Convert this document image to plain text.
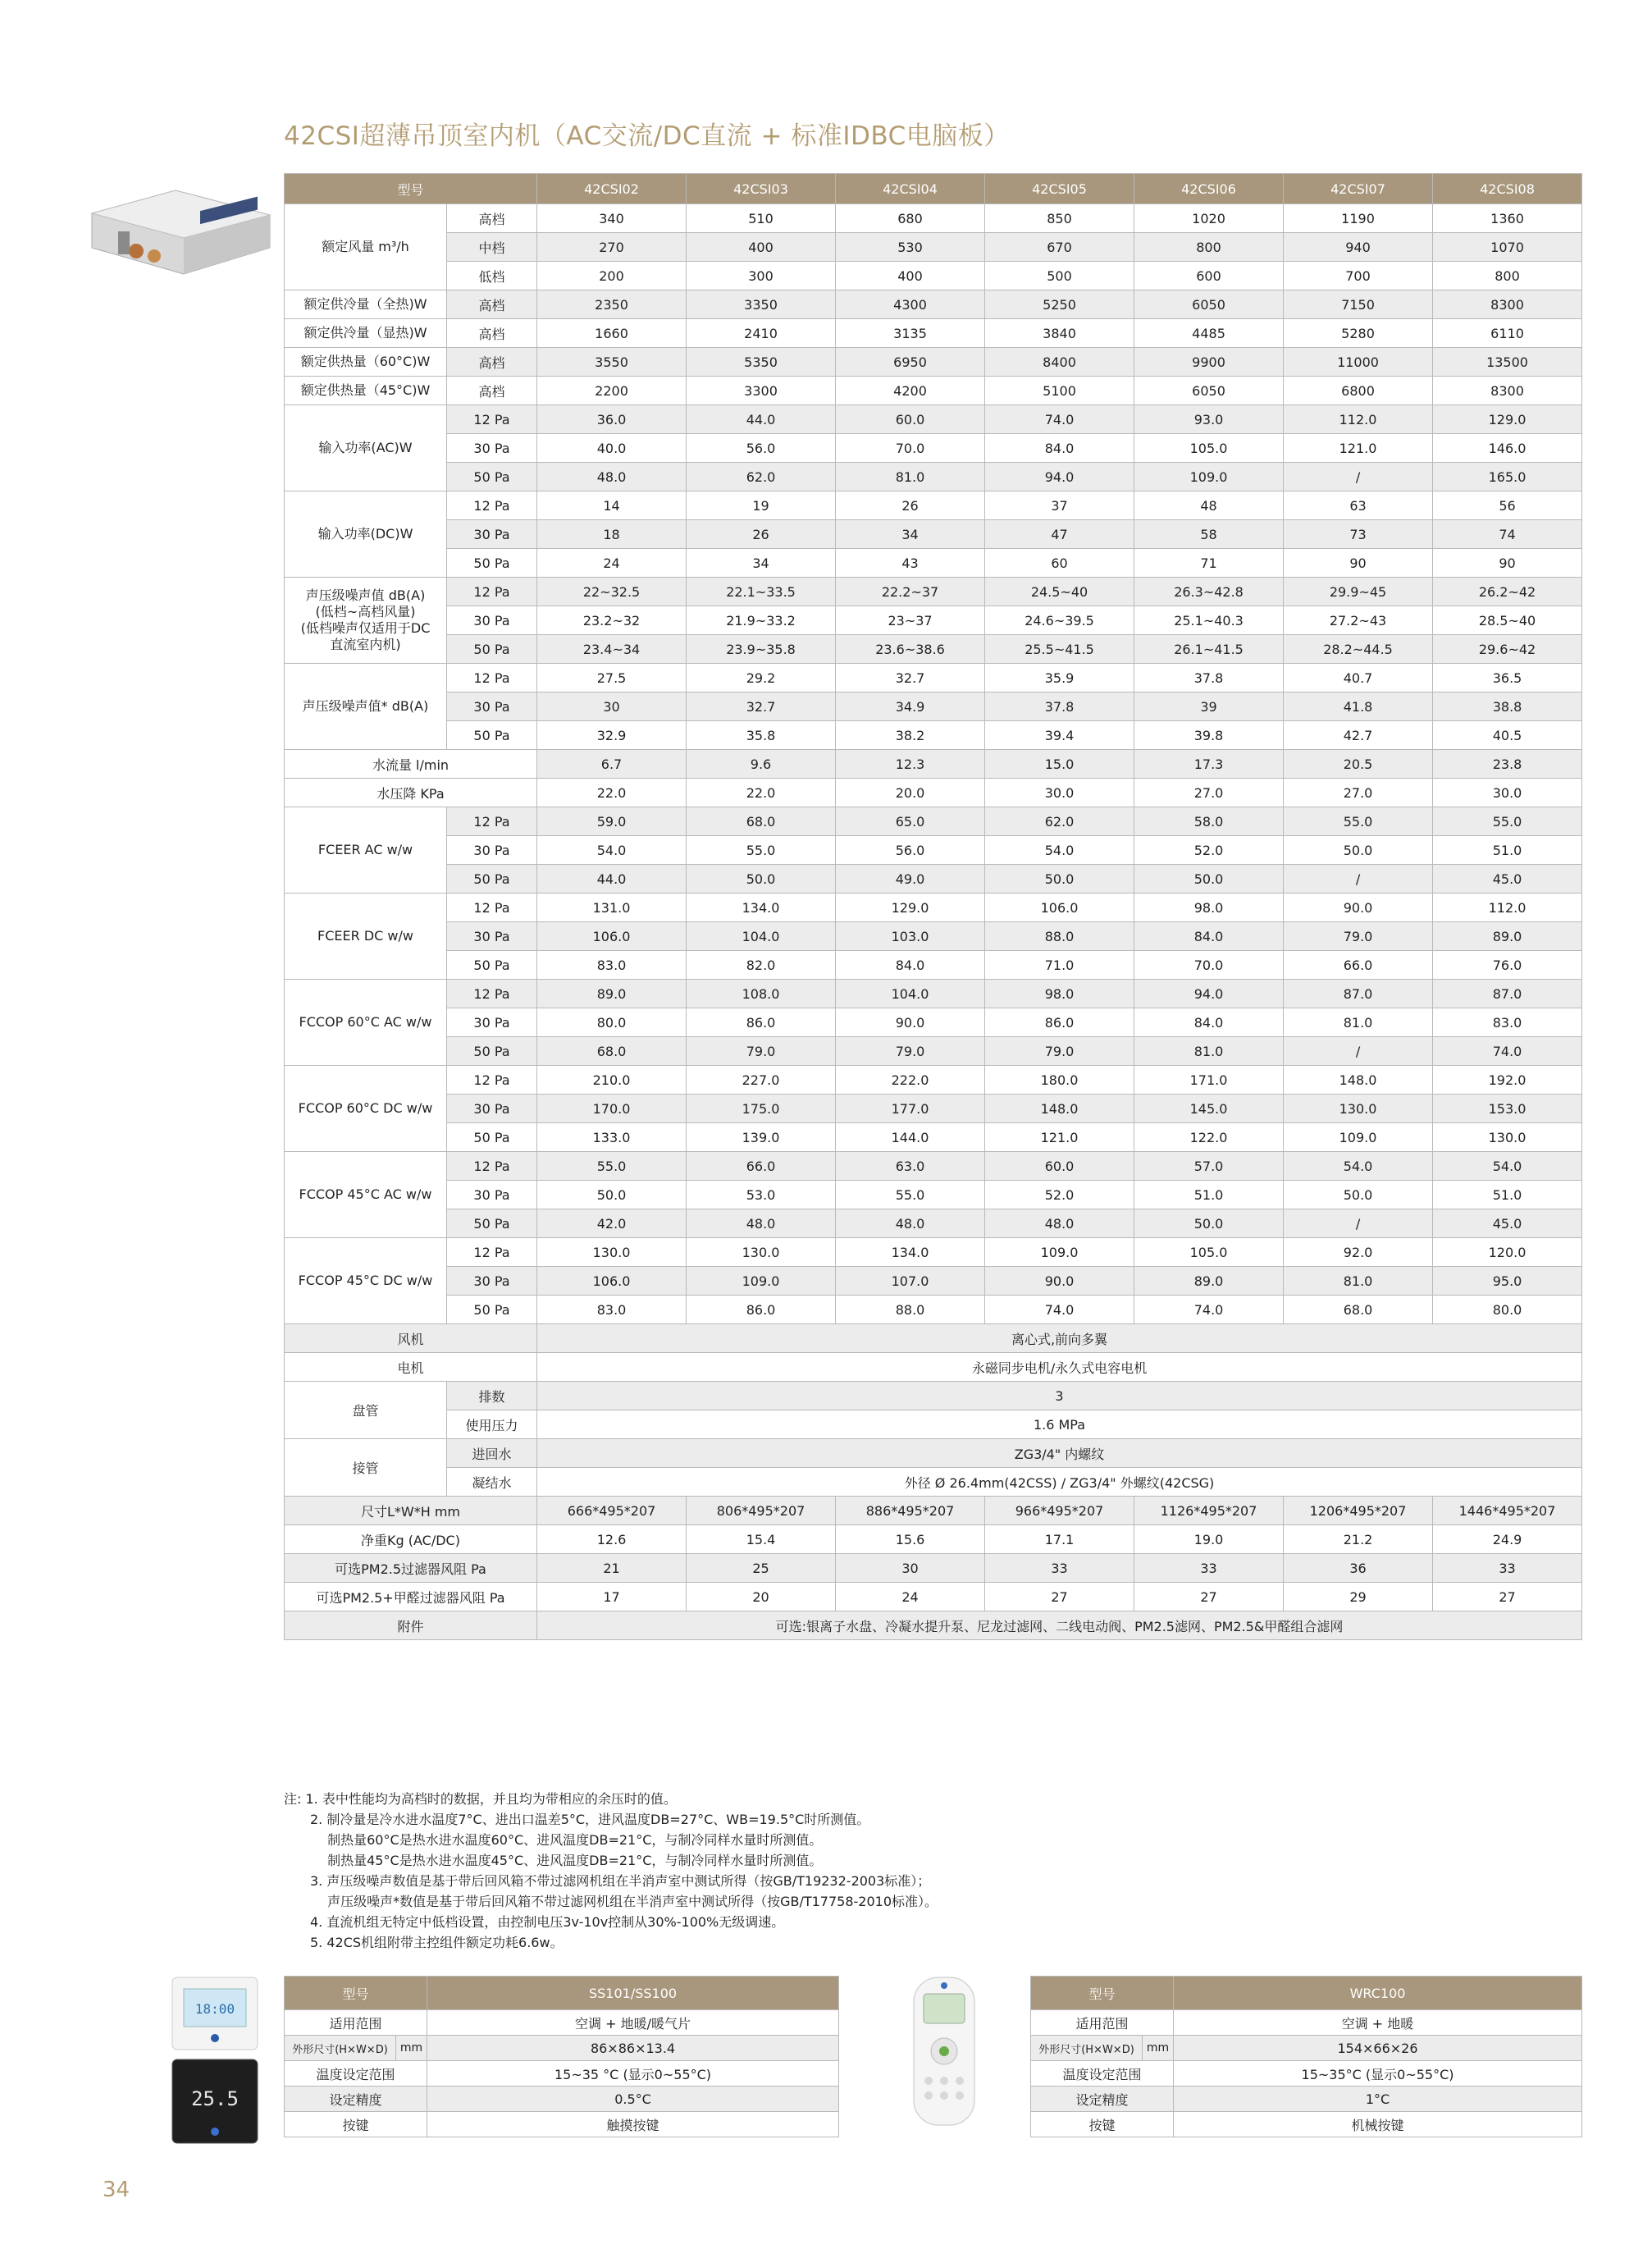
42CSI超薄吊顶室内机（AC交流/DC直流 + 标准IDBC电脑板）
型号		42CSI02	42CSI03	42CSI04	42CSI05	42CSI06	42CSI07	42CSI08
额定风量 m³/h	高档	340	510	680	850	1020	1190	1360
	中档	270	400	530	670	800	940	1070
	低档	200	300	400	500	600	700	800
额定供冷量（全热)W	高档	2350	3350	4300	5250	6050	7150	8300
额定供冷量（显热)W	高档	1660	2410	3135	3840	4485	5280	6110
额定供热量（60°C)W	高档	3550	5350	6950	8400	9900	11000	13500
额定供热量（45°C)W	高档	2200	3300	4200	5100	6050	6800	8300
输入功率(AC)W	12 Pa	36.0	44.0	60.0	74.0	93.0	112.0	129.0
	30 Pa	40.0	56.0	70.0	84.0	105.0	121.0	146.0
	50 Pa	48.0	62.0	81.0	94.0	109.0	/	165.0
输入功率(DC)W	12 Pa	14	19	26	37	48	63	56
	30 Pa	18	26	34	47	58	73	74
	50 Pa	24	34	43	60	71	90	90
声压级噪声值 dB(A)
(低档~高档风量)
(低档噪声仅适用于DC
直流室内机)	12 Pa	22~32.5	22.1~33.5	22.2~37	24.5~40	26.3~42.8	29.9~45	26.2~42
	30 Pa	23.2~32	21.9~33.2	23~37	24.6~39.5	25.1~40.3	27.2~43	28.5~40
	50 Pa	23.4~34	23.9~35.8	23.6~38.6	25.5~41.5	26.1~41.5	28.2~44.5	29.6~42
声压级噪声值* dB(A)	12 Pa	27.5	29.2	32.7	35.9	37.8	40.7	36.5
	30 Pa	30	32.7	34.9	37.8	39	41.8	38.8
	50 Pa	32.9	35.8	38.2	39.4	39.8	42.7	40.5
水流量 l/min		6.7	9.6	12.3	15.0	17.3	20.5	23.8
水压降 KPa		22.0	22.0	20.0	30.0	27.0	27.0	30.0
FCEER AC w/w	12 Pa	59.0	68.0	65.0	62.0	58.0	55.0	55.0
	30 Pa	54.0	55.0	56.0	54.0	52.0	50.0	51.0
	50 Pa	44.0	50.0	49.0	50.0	50.0	/	45.0
FCEER DC w/w	12 Pa	131.0	134.0	129.0	106.0	98.0	90.0	112.0
	30 Pa	106.0	104.0	103.0	88.0	84.0	79.0	89.0
	50 Pa	83.0	82.0	84.0	71.0	70.0	66.0	76.0
FCCOP 60°C AC w/w	12 Pa	89.0	108.0	104.0	98.0	94.0	87.0	87.0
	30 Pa	80.0	86.0	90.0	86.0	84.0	81.0	83.0
	50 Pa	68.0	79.0	79.0	79.0	81.0	/	74.0
FCCOP 60°C DC w/w	12 Pa	210.0	227.0	222.0	180.0	171.0	148.0	192.0
	30 Pa	170.0	175.0	177.0	148.0	145.0	130.0	153.0
	50 Pa	133.0	139.0	144.0	121.0	122.0	109.0	130.0
FCCOP 45°C AC w/w	12 Pa	55.0	66.0	63.0	60.0	57.0	54.0	54.0
	30 Pa	50.0	53.0	55.0	52.0	51.0	50.0	51.0
	50 Pa	42.0	48.0	48.0	48.0	50.0	/	45.0
FCCOP 45°C DC w/w	12 Pa	130.0	130.0	134.0	109.0	105.0	92.0	120.0
	30 Pa	106.0	109.0	107.0	90.0	89.0	81.0	95.0
	50 Pa	83.0	86.0	88.0	74.0	74.0	68.0	80.0
风机		离心式,前向多翼						
电机		永磁同步电机/永久式电容电机						
盘管	排数	3						
	使用压力	1.6 MPa						
接管	进回水	ZG3/4" 内螺纹						
	凝结水	外径 Ø 26.4mm(42CSS) / ZG3/4" 外螺纹(42CSG)						
尺寸L*W*H mm		666*495*207	806*495*207	886*495*207	966*495*207	1126*495*207	1206*495*207	1446*495*207
净重Kg (AC/DC)		12.6	15.4	15.6	17.1	19.0	21.2	24.9
可选PM2.5过滤器风阻 Pa		21	25	30	33	33	36	33
可选PM2.5+甲醛过滤器风阻 Pa		17	20	24	27	27	29	27
附件		可选:银离子水盘、冷凝水提升泵、尼龙过滤网、二线电动阀、PM2.5滤网、PM2.5&甲醛组合滤网						
注: 1. 表中性能均为高档时的数据，并且均为带相应的余压时的值。
　　2. 制冷量是冷水进水温度7°C、进出口温差5°C，进风温度DB=27°C、WB=19.5°C时所测值。
　　　 制热量60°C是热水进水温度60°C、进风温度DB=21°C，与制冷同样水量时所测值。
　　　 制热量45°C是热水进水温度45°C、进风温度DB=21°C，与制冷同样水量时所测值。
　　3. 声压级噪声数值是基于带后回风箱不带过滤网机组在半消声室中测试所得（按GB/T19232-2003标准）；
　　　 声压级噪声*数值是基于带后回风箱不带过滤网机组在半消声室中测试所得（按GB/T17758-2010标准）。
　　4. 直流机组无特定中低档设置，由控制电压3v-10v控制从30%-100%无级调速。
　　5. 42CS机组附带主控组件额定功耗6.6w。
18:00
25.5
型号		SS101/SS100
适用范围		空调 + 地暖/暖气片
外形尺寸(H×W×D)	mm	86×86×13.4
温度设定范围		15~35 °C (显示0~55°C)
设定精度		0.5°C
按键		触摸按键
型号		WRC100
适用范围		空调 + 地暖
外形尺寸(H×W×D)	mm	154×66×26
温度设定范围		15~35°C (显示0~55°C)
设定精度		1°C
按键		机械按键
34
